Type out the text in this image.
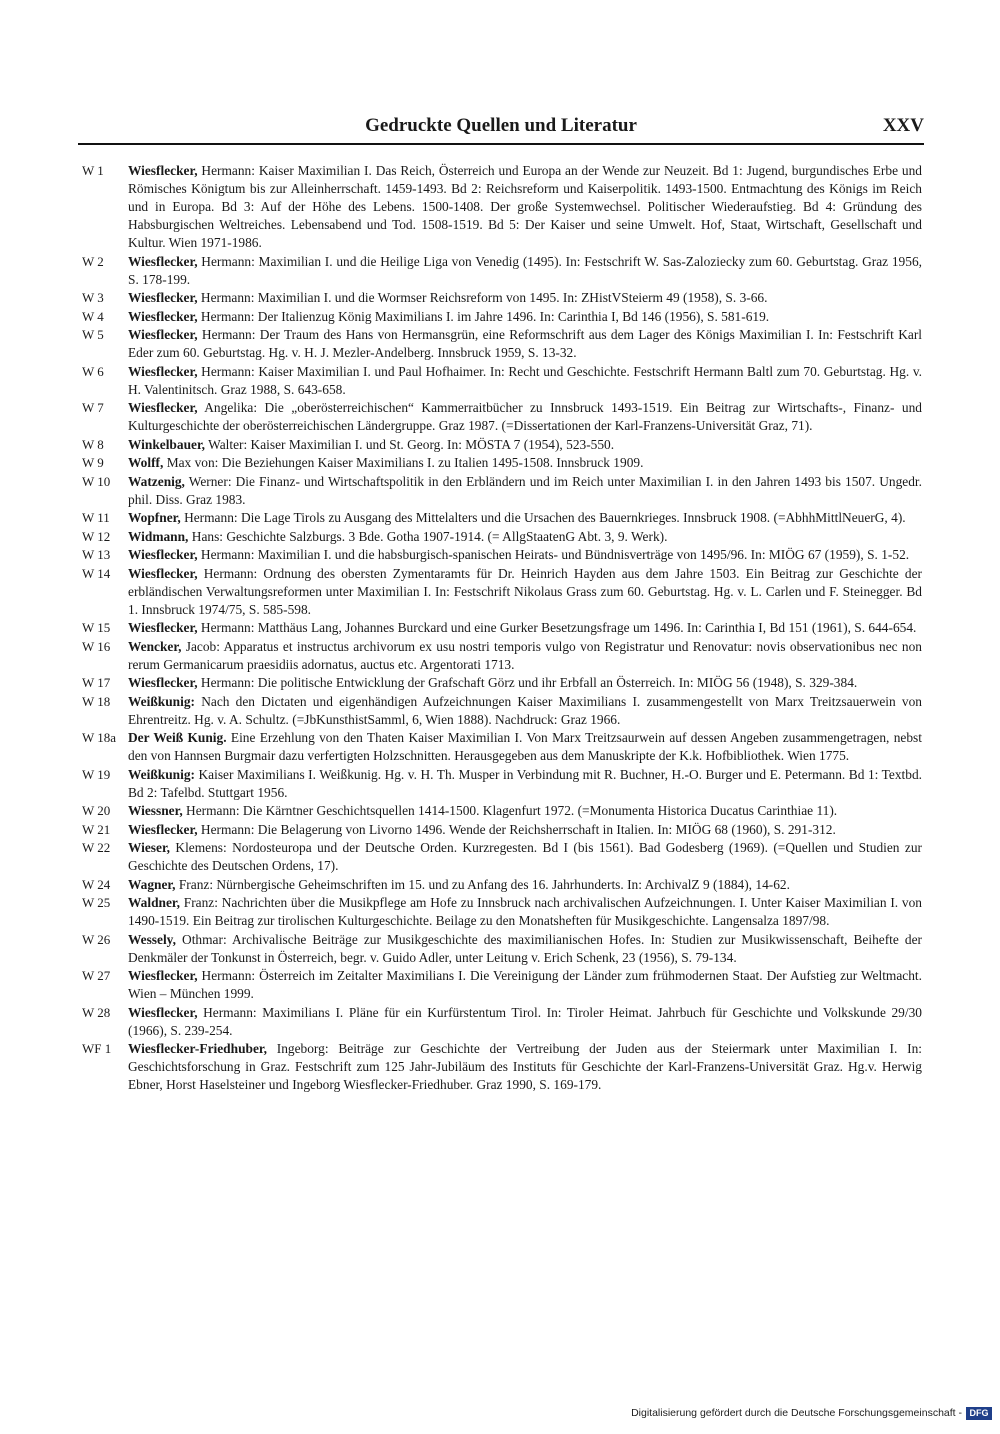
Gedruckte Quellen und Literatur	XXV
W 1	Wiesflecker, Hermann: Kaiser Maximilian I. Das Reich, Österreich und Europa an der Wende zur Neuzeit. Bd 1: Jugend, burgundisches Erbe und Römisches Königtum bis zur Alleinherrschaft. 1459-1493. Bd 2: Reichsreform und Kaiserpolitik. 1493-1500. Entmachtung des Königs im Reich und in Europa. Bd 3: Auf der Höhe des Lebens. 1500-1408. Der große Systemwechsel. Politischer Wiederaufstieg. Bd 4: Gründung des Habsburgischen Weltreiches. Lebensabend und Tod. 1508-1519. Bd 5: Der Kaiser und seine Umwelt. Hof, Staat, Wirtschaft, Gesellschaft und Kultur. Wien 1971-1986.
W 2	Wiesflecker, Hermann: Maximilian I. und die Heilige Liga von Venedig (1495). In: Festschrift W. Sas-Zaloziecky zum 60. Geburtstag. Graz 1956, S. 178-199.
W 3	Wiesflecker, Hermann: Maximilian I. und die Wormser Reichsreform von 1495. In: ZHistVSteierm 49 (1958), S. 3-66.
W 4	Wiesflecker, Hermann: Der Italienzug König Maximilians I. im Jahre 1496. In: Carinthia I, Bd 146 (1956), S. 581-619.
W 5	Wiesflecker, Hermann: Der Traum des Hans von Hermansgrün, eine Reformschrift aus dem Lager des Königs Maximilian I. In: Festschrift Karl Eder zum 60. Geburtstag. Hg. v. H. J. Mezler-Andelberg. Innsbruck 1959, S. 13-32.
W 6	Wiesflecker, Hermann: Kaiser Maximilian I. und Paul Hofhaimer. In: Recht und Geschichte. Festschrift Hermann Baltl zum 70. Geburtstag. Hg. v. H. Valentinitsch. Graz 1988, S. 643-658.
W 7	Wiesflecker, Angelika: Die „oberösterreichischen“ Kammerraitbücher zu Innsbruck 1493-1519. Ein Beitrag zur Wirtschafts-, Finanz- und Kulturgeschichte der oberösterreichischen Ländergruppe. Graz 1987. (=Dissertationen der Karl-Franzens-Universität Graz, 71).
W 8	Winkelbauer, Walter: Kaiser Maximilian I. und St. Georg. In: MÖSTA 7 (1954), 523-550.
W 9	Wolff, Max von: Die Beziehungen Kaiser Maximilians I. zu Italien 1495-1508. Innsbruck 1909.
W 10	Watzenig, Werner: Die Finanz- und Wirtschaftspolitik in den Erbländern und im Reich unter Maximilian I. in den Jahren 1493 bis 1507. Ungedr. phil. Diss. Graz 1983.
W 11	Wopfner, Hermann: Die Lage Tirols zu Ausgang des Mittelalters und die Ursachen des Bauernkrieges. Innsbruck 1908. (=AbhhMittlNeuerG, 4).
W 12	Widmann, Hans: Geschichte Salzburgs. 3 Bde. Gotha 1907-1914. (= AllgStaatenG Abt. 3, 9. Werk).
W 13	Wiesflecker, Hermann: Maximilian I. und die habsburgisch-spanischen Heirats- und Bündnisverträge von 1495/96. In: MIÖG 67 (1959), S. 1-52.
W 14	Wiesflecker, Hermann: Ordnung des obersten Zymentaramts für Dr. Heinrich Hayden aus dem Jahre 1503. Ein Beitrag zur Geschichte der erbländischen Verwaltungsreformen unter Maximilian I. In: Festschrift Nikolaus Grass zum 60. Geburtstag. Hg. v. L. Carlen und F. Steinegger. Bd 1. Innsbruck 1974/75, S. 585-598.
W 15	Wiesflecker, Hermann: Matthäus Lang, Johannes Burckard und eine Gurker Besetzungsfrage um 1496. In: Carinthia I, Bd 151 (1961), S. 644-654.
W 16	Wencker, Jacob: Apparatus et instructus archivorum ex usu nostri temporis vulgo von Registratur und Renovatur: novis observationibus nec non rerum Germanicarum praesidiis adornatus, auctus etc. Argentorati 1713.
W 17	Wiesflecker, Hermann: Die politische Entwicklung der Grafschaft Görz und ihr Erbfall an Österreich. In: MIÖG 56 (1948), S. 329-384.
W 18	Weißkunig: Nach den Dictaten und eigenhändigen Aufzeichnungen Kaiser Maximilians I. zusammengestellt von Marx Treitzsauerwein von Ehrentreitz. Hg. v. A. Schultz. (=JbKunsthistSamml, 6, Wien 1888). Nachdruck: Graz 1966.
W 18a Der Weiß Kunig. Eine Erzehlung von den Thaten Kaiser Maximilian I. Von Marx Treitzsaurwein auf dessen Angeben zusammengetragen, nebst den von Hannsen Burgmair dazu verfertigten Holzschnitten. Herausgegeben aus dem Manuskripte der K.k. Hofbibliothek. Wien 1775.
W 19	Weißkunig: Kaiser Maximilians I. Weißkunig. Hg. v. H. Th. Musper in Verbindung mit R. Buchner, H.-O. Burger und E. Petermann. Bd 1: Textbd. Bd 2: Tafelbd. Stuttgart 1956.
W 20	Wiessner, Hermann: Die Kärntner Geschichtsquellen 1414-1500. Klagenfurt 1972. (=Monumenta Historica Ducatus Carinthiae 11).
W 21	Wiesflecker, Hermann: Die Belagerung von Livorno 1496. Wende der Reichsherrschaft in Italien. In: MIÖG 68 (1960), S. 291-312.
W 22	Wieser, Klemens: Nordosteuropa und der Deutsche Orden. Kurzregesten. Bd I (bis 1561). Bad Godesberg (1969). (=Quellen und Studien zur Geschichte des Deutschen Ordens, 17).
W 24	Wagner, Franz: Nürnbergische Geheimschriften im 15. und zu Anfang des 16. Jahrhunderts. In: ArchivalZ 9 (1884), 14-62.
W 25	Waldner, Franz: Nachrichten über die Musikpflege am Hofe zu Innsbruck nach archivalischen Aufzeichnungen. I. Unter Kaiser Maximilian I. von 1490-1519. Ein Beitrag zur tirolischen Kulturgeschichte. Beilage zu den Monatsheften für Musikgeschichte. Langensalza 1897/98.
W 26	Wessely, Othmar: Archivalische Beiträge zur Musikgeschichte des maximilianischen Hofes. In: Studien zur Musikwissenschaft, Beihefte der Denkmäler der Tonkunst in Österreich, begr. v. Guido Adler, unter Leitung v. Erich Schenk, 23 (1956), S. 79-134.
W 27	Wiesflecker, Hermann: Österreich im Zeitalter Maximilians I. Die Vereinigung der Länder zum frühmodernen Staat. Der Aufstieg zur Weltmacht. Wien – München 1999.
W 28	Wiesflecker, Hermann: Maximilians I. Pläne für ein Kurfürstentum Tirol. In: Tiroler Heimat. Jahrbuch für Geschichte und Volkskunde 29/30 (1966), S. 239-254.
WF 1	Wiesflecker-Friedhuber, Ingeborg: Beiträge zur Geschichte der Vertreibung der Juden aus der Steiermark unter Maximilian I. In: Geschichtsforschung in Graz. Festschrift zum 125 Jahr-Jubiläum des Instituts für Geschichte der Karl-Franzens-Universität Graz. Hg.v. Herwig Ebner, Horst Haselsteiner und Ingeborg Wiesflecker-Friedhuber. Graz 1990, S. 169-179.
Digitalisierung gefördert durch die Deutsche Forschungsgemeinschaft - DFG
